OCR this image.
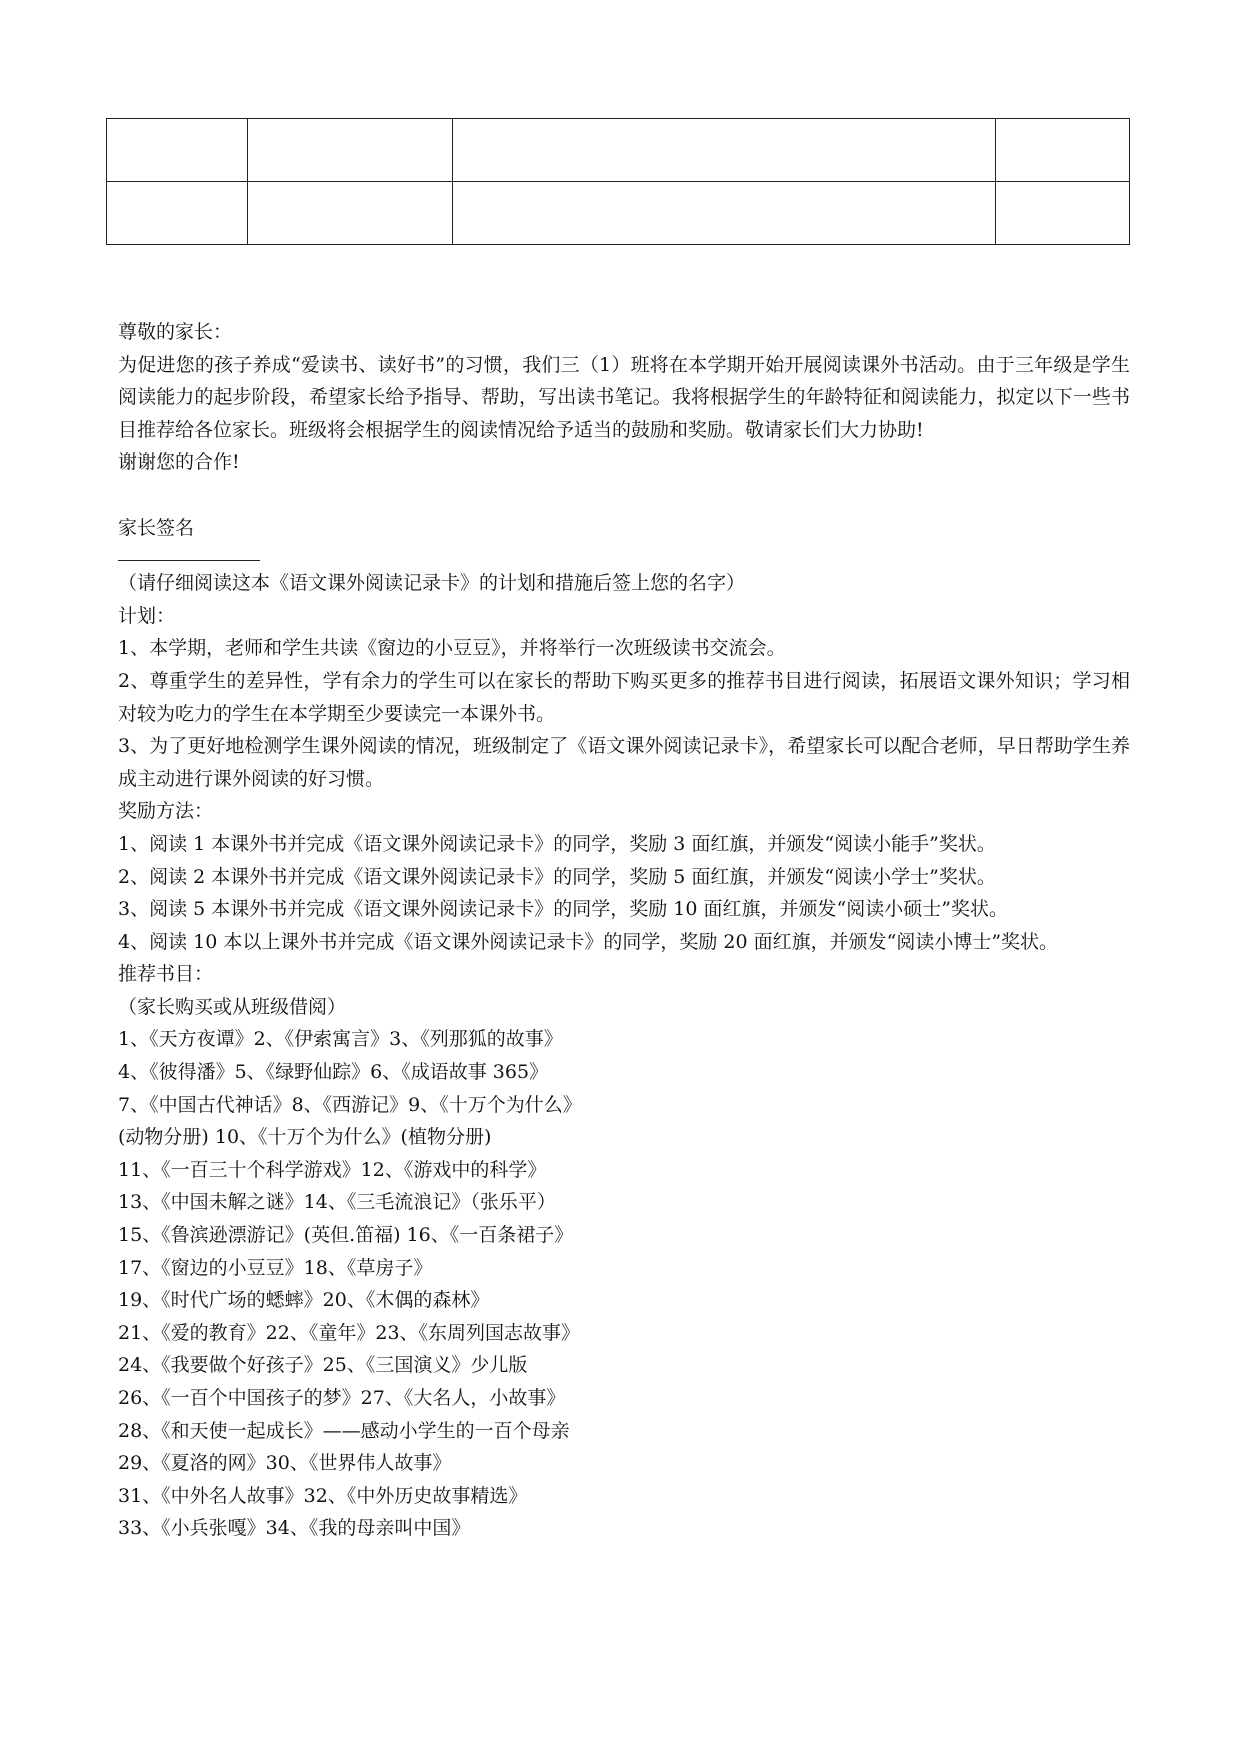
尊敬的家长：
为促进您的孩子养成“爱读书、读好书”的习惯，我们三（1）班将在本学期开始开展阅读课外书活动。由于三年级是学生阅读能力的起步阶段，希望家长给予指导、帮助，写出读书笔记。我将根据学生的年龄特征和阅读能力，拟定以下一些书目推荐给各位家长。班级将会根据学生的阅读情况给予适当的鼓励和奖励。敬请家长们大力协助!
谢谢您的合作!
家长签名
（请仔细阅读这本《语文课外阅读记录卡》的计划和措施后签上您的名字）
计划：
1、本学期，老师和学生共读《窗边的小豆豆》，并将举行一次班级读书交流会。
2、尊重学生的差异性，学有余力的学生可以在家长的帮助下购买更多的推荐书目进行阅读，拓展语文课外知识；学习相对较为吃力的学生在本学期至少要读完一本课外书。
3、为了更好地检测学生课外阅读的情况，班级制定了《语文课外阅读记录卡》，希望家长可以配合老师，早日帮助学生养成主动进行课外阅读的好习惯。
奖励方法：
1、阅读 1 本课外书并完成《语文课外阅读记录卡》的同学，奖励 3 面红旗，并颁发“阅读小能手”奖状。
2、阅读 2 本课外书并完成《语文课外阅读记录卡》的同学，奖励 5 面红旗，并颁发“阅读小学士”奖状。
3、阅读 5 本课外书并完成《语文课外阅读记录卡》的同学，奖励 10 面红旗，并颁发“阅读小硕士”奖状。
4、阅读 10 本以上课外书并完成《语文课外阅读记录卡》的同学，奖励 20 面红旗，并颁发“阅读小博士”奖状。
推荐书目：
（家长购买或从班级借阅）
1、《天方夜谭》2、《伊索寓言》3、《列那狐的故事》
4、《彼得潘》5、《绿野仙踪》6、《成语故事 365》
7、《中国古代神话》8、《西游记》9、《十万个为什么》
(动物分册) 10、《十万个为什么》(植物分册)
11、《一百三十个科学游戏》12、《游戏中的科学》
13、《中国未解之谜》14、《三毛流浪记》（张乐平）
15、《鲁滨逊漂游记》(英但.笛福) 16、《一百条裙子》
17、《窗边的小豆豆》18、《草房子》
19、《时代广场的蟋蟀》20、《木偶的森林》
21、《爱的教育》22、《童年》23、《东周列国志故事》
24、《我要做个好孩子》25、《三国演义》少儿版
26、《一百个中国孩子的梦》27、《大名人，小故事》
28、《和天使一起成长》——感动小学生的一百个母亲
29、《夏洛的网》30、《世界伟人故事》
31、《中外名人故事》32、《中外历史故事精选》
33、《小兵张嘎》34、《我的母亲叫中国》
